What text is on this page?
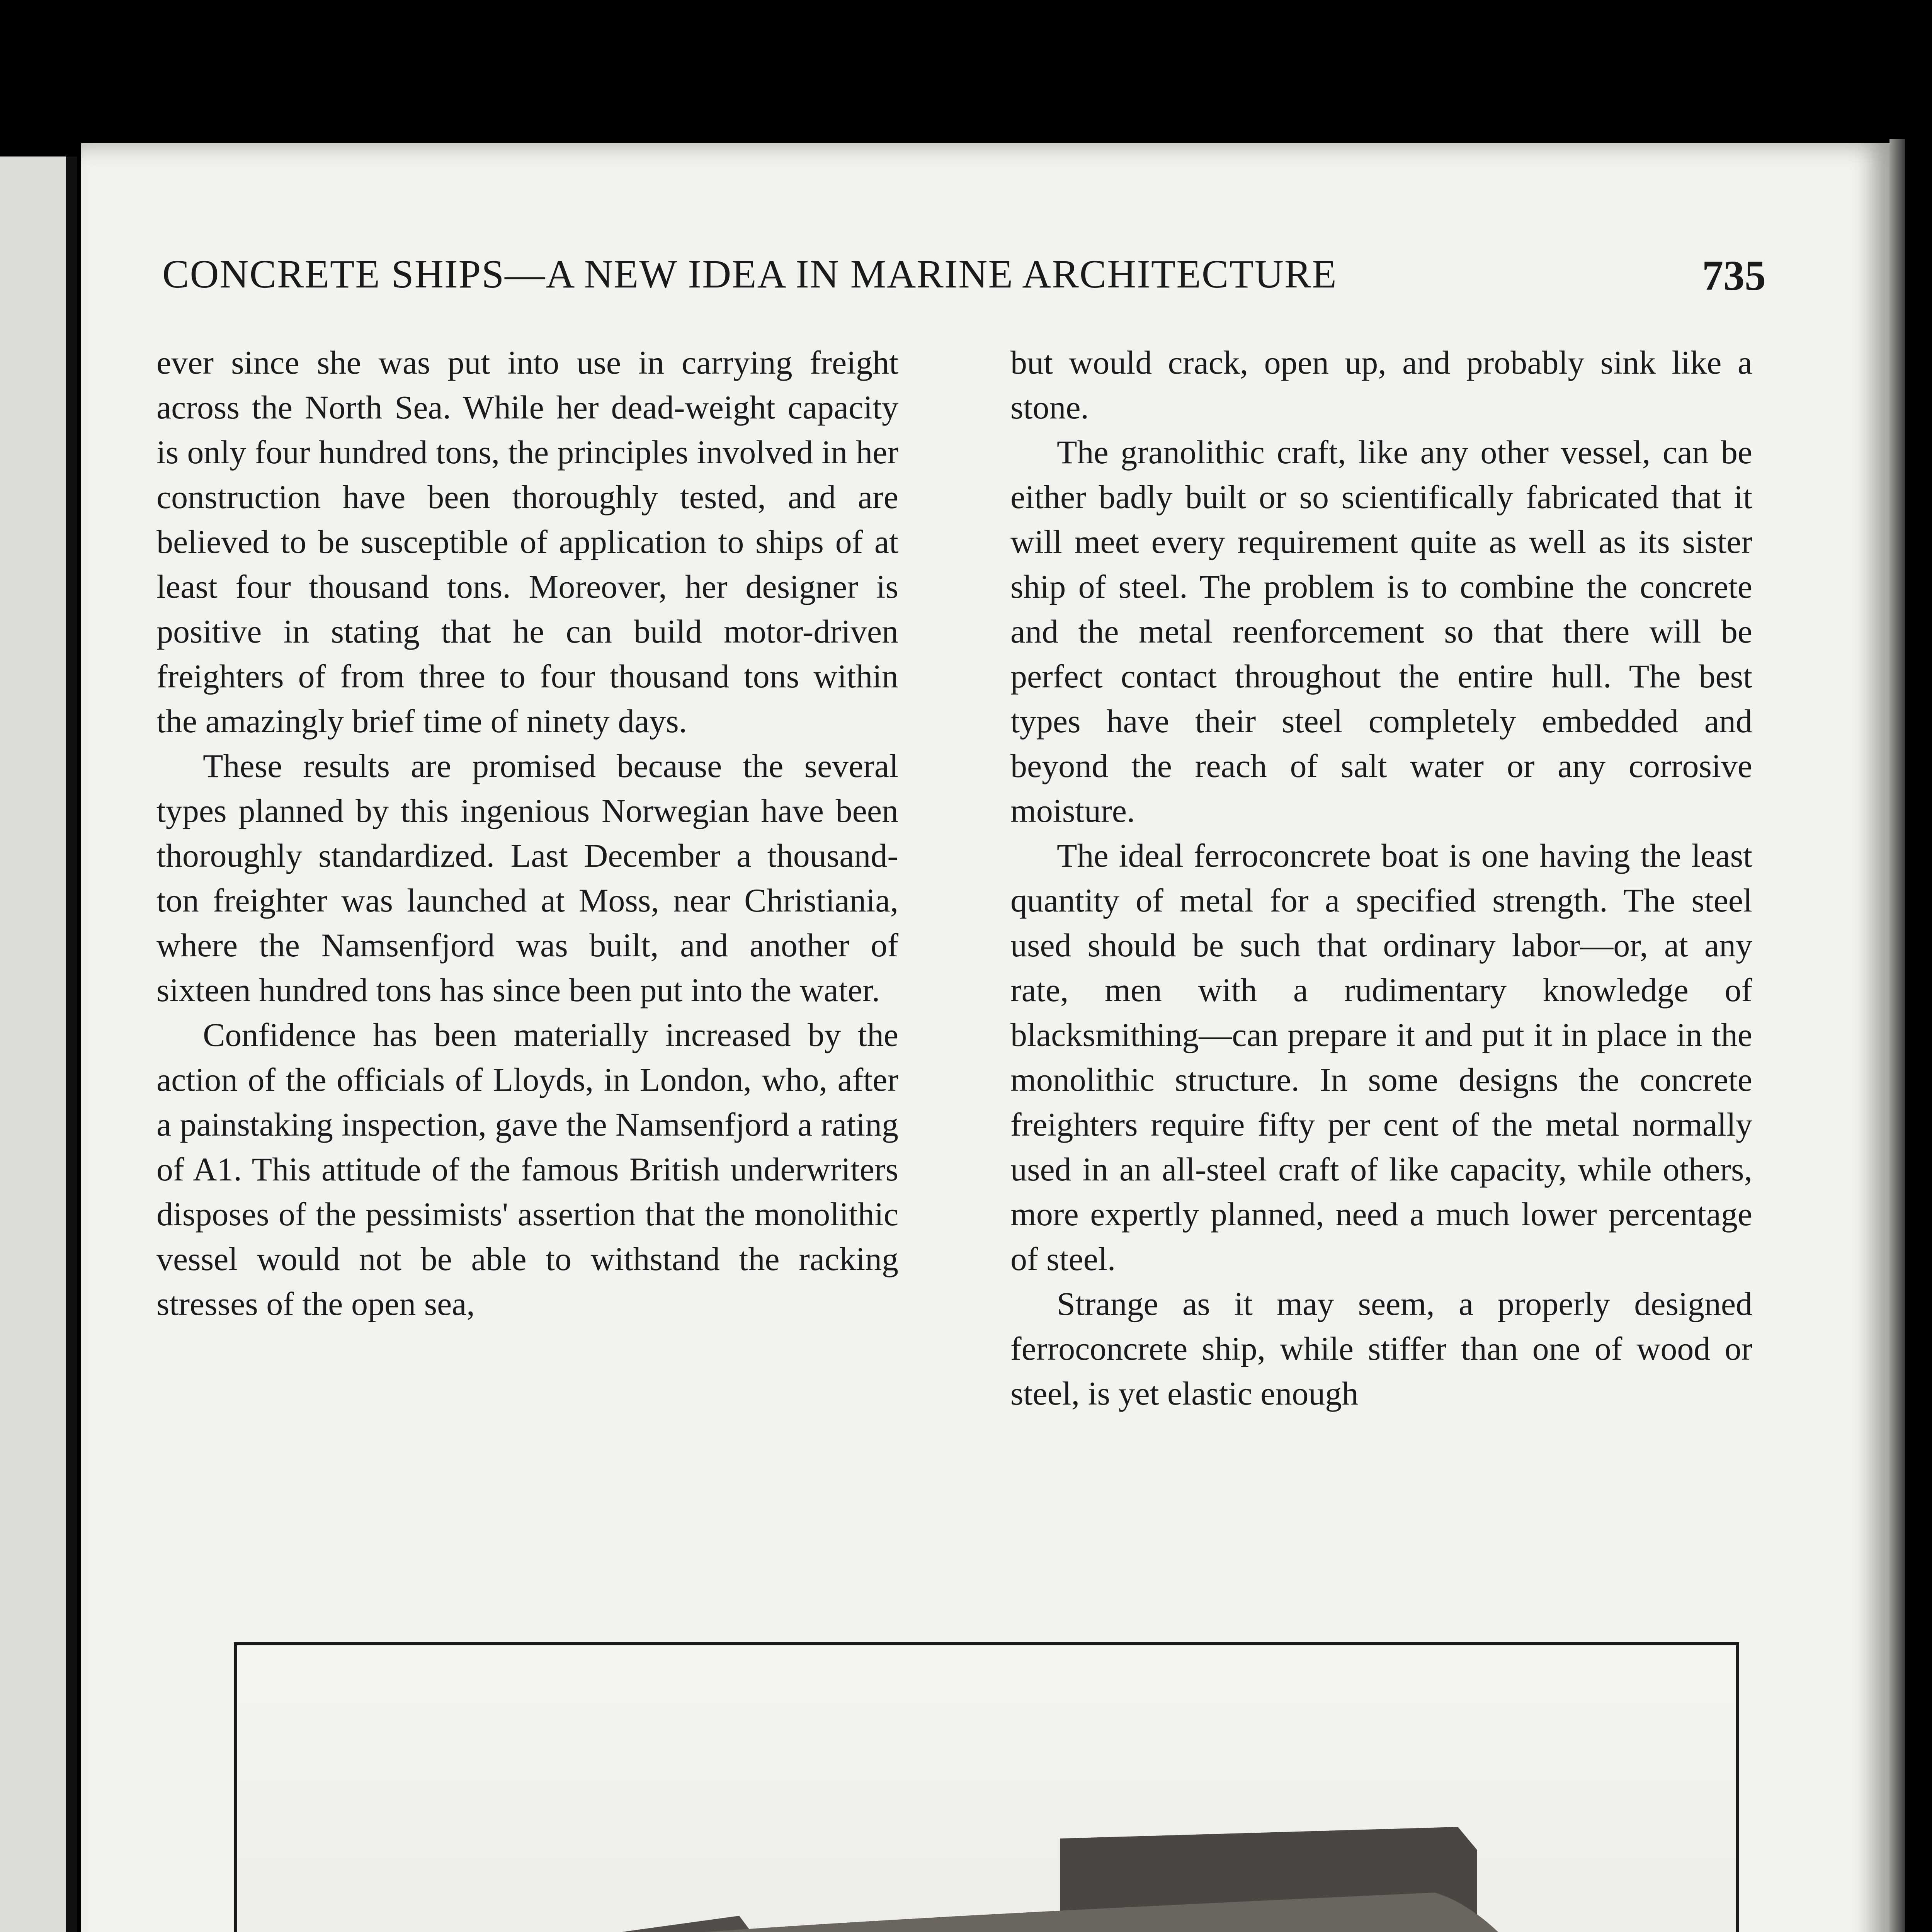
CONCRETE SHIPS—A NEW IDEA IN MARINE ARCHITECTURE	735

ever since she was put into use in carrying freight across the North Sea. While her dead-weight capacity is only four hundred tons, the principles involved in her construction have been thoroughly tested, and are believed to be susceptible of application to ships of at least four thousand tons. Moreover, her designer is positive in stating that he can build motor-driven freighters of from three to four thousand tons within the amazingly brief time of ninety days.

These results are promised because the several types planned by this ingenious Norwegian have been thoroughly standardized. Last December a thousand-ton freighter was launched at Moss, near Christiania, where the Namsenfjord was built, and another of sixteen hundred tons has since been put into the water.

Confidence has been materially increased by the action of the officials of Lloyds, in London, who, after a painstaking inspection, gave the Namsenfjord a rating of A1. This attitude of the famous British underwriters disposes of the pessimists' assertion that the monolithic vessel would not be able to withstand the racking stresses of the open sea,

but would crack, open up, and probably sink like a stone.

The granolithic craft, like any other vessel, can be either badly built or so scientifically fabricated that it will meet every requirement quite as well as its sister ship of steel. The problem is to combine the concrete and the metal reenforcement so that there will be perfect contact throughout the entire hull. The best types have their steel completely embedded and beyond the reach of salt water or any corrosive moisture.

The ideal ferroconcrete boat is one having the least quantity of metal for a specified strength. The steel used should be such that ordinary labor—or, at any rate, men with a rudimentary knowledge of blacksmithing—can prepare it and put it in place in the monolithic structure. In some designs the concrete freighters require fifty per cent of the metal normally used in an all-steel craft of like capacity, while others, more expertly planned, need a much lower percentage of steel.

Strange as it may seem, a properly designed ferroconcrete ship, while stiffer than one of wood or steel, is yet elastic enough
